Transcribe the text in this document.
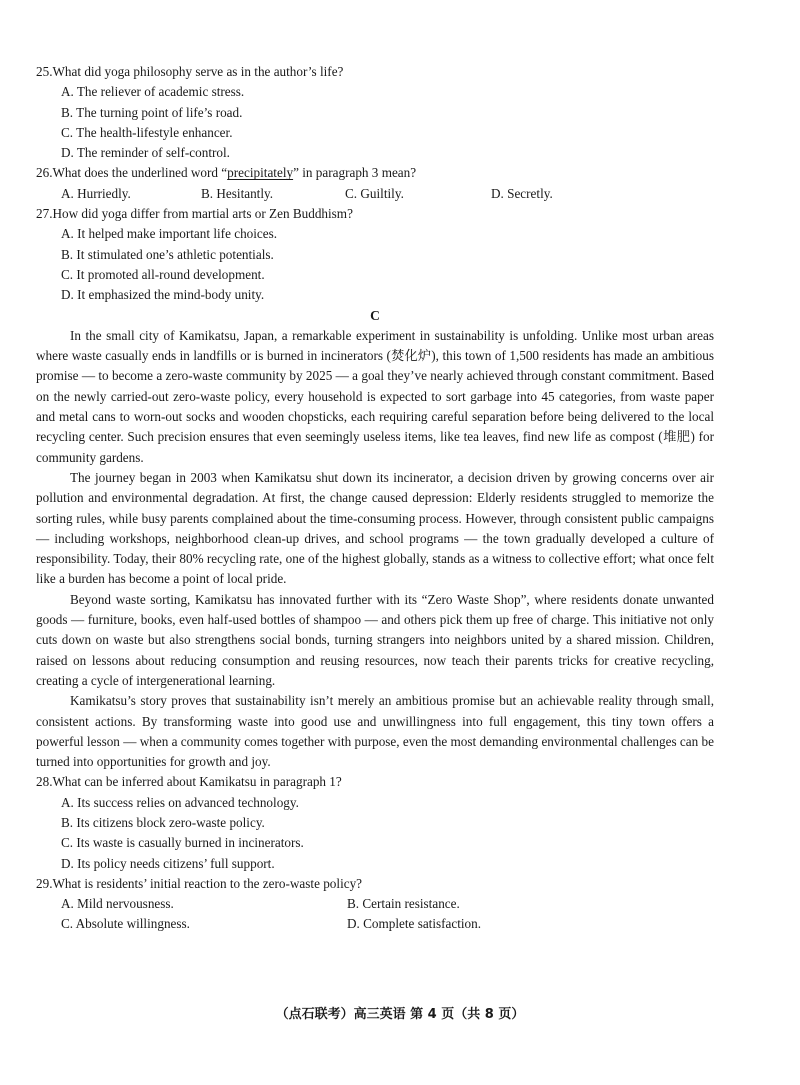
25.What did yoga philosophy serve as in the author’s life?

A. The reliever of academic stress.

B. The turning point of life’s road.

C. The health-lifestyle enhancer.

D. The reminder of self-control.

26.What does the underlined word “precipitately” in paragraph 3 mean?

A. Hurriedly.	B. Hesitantly.	C. Guiltily.	D. Secretly.

27.How did yoga differ from martial arts or Zen Buddhism?

A. It helped make important life choices.

B. It stimulated one’s athletic potentials.

C. It promoted all-round development.

D. It emphasized the mind-body unity.

C

In the small city of Kamikatsu, Japan, a remarkable experiment in sustainability is unfolding. Unlike most urban areas where waste casually ends in landfills or is burned in incinerators (焚化炉), this town of 1,500 residents has made an ambitious promise — to become a zero-waste community by 2025 — a goal they’ve nearly achieved through constant commitment. Based on the newly carried-out zero-waste policy, every household is expected to sort garbage into 45 categories, from waste paper and metal cans to worn-out socks and wooden chopsticks, each requiring careful separation before being delivered to the local recycling center. Such precision ensures that even seemingly useless items, like tea leaves, find new life as compost (堆肥) for community gardens.

The journey began in 2003 when Kamikatsu shut down its incinerator, a decision driven by growing concerns over air pollution and environmental degradation. At first, the change caused depression: Elderly residents struggled to memorize the sorting rules, while busy parents complained about the time-consuming process. However, through consistent public campaigns — including workshops, neighborhood clean-up drives, and school programs — the town gradually developed a culture of responsibility. Today, their 80% recycling rate, one of the highest globally, stands as a witness to collective effort; what once felt like a burden has become a point of local pride.

Beyond waste sorting, Kamikatsu has innovated further with its “Zero Waste Shop”, where residents donate unwanted goods — furniture, books, even half-used bottles of shampoo — and others pick them up free of charge. This initiative not only cuts down on waste but also strengthens social bonds, turning strangers into neighbors united by a shared mission. Children, raised on lessons about reducing consumption and reusing resources, now teach their parents tricks for creative recycling, creating a cycle of intergenerational learning.

Kamikatsu’s story proves that sustainability isn’t merely an ambitious promise but an achievable reality through small, consistent actions. By transforming waste into good use and unwillingness into full engagement, this tiny town offers a powerful lesson — when a community comes together with purpose, even the most demanding environmental challenges can be turned into opportunities for growth and joy.

28.What can be inferred about Kamikatsu in paragraph 1?

A. Its success relies on advanced technology.

B. Its citizens block zero-waste policy.

C. Its waste is casually burned in incinerators.

D. Its policy needs citizens’ full support.

29.What is residents’ initial reaction to the zero-waste policy?

A. Mild nervousness.	B. Certain resistance.
C. Absolute willingness.	D. Complete satisfaction.
（点石联考）高三英语 第 4 页（共 8 页）
